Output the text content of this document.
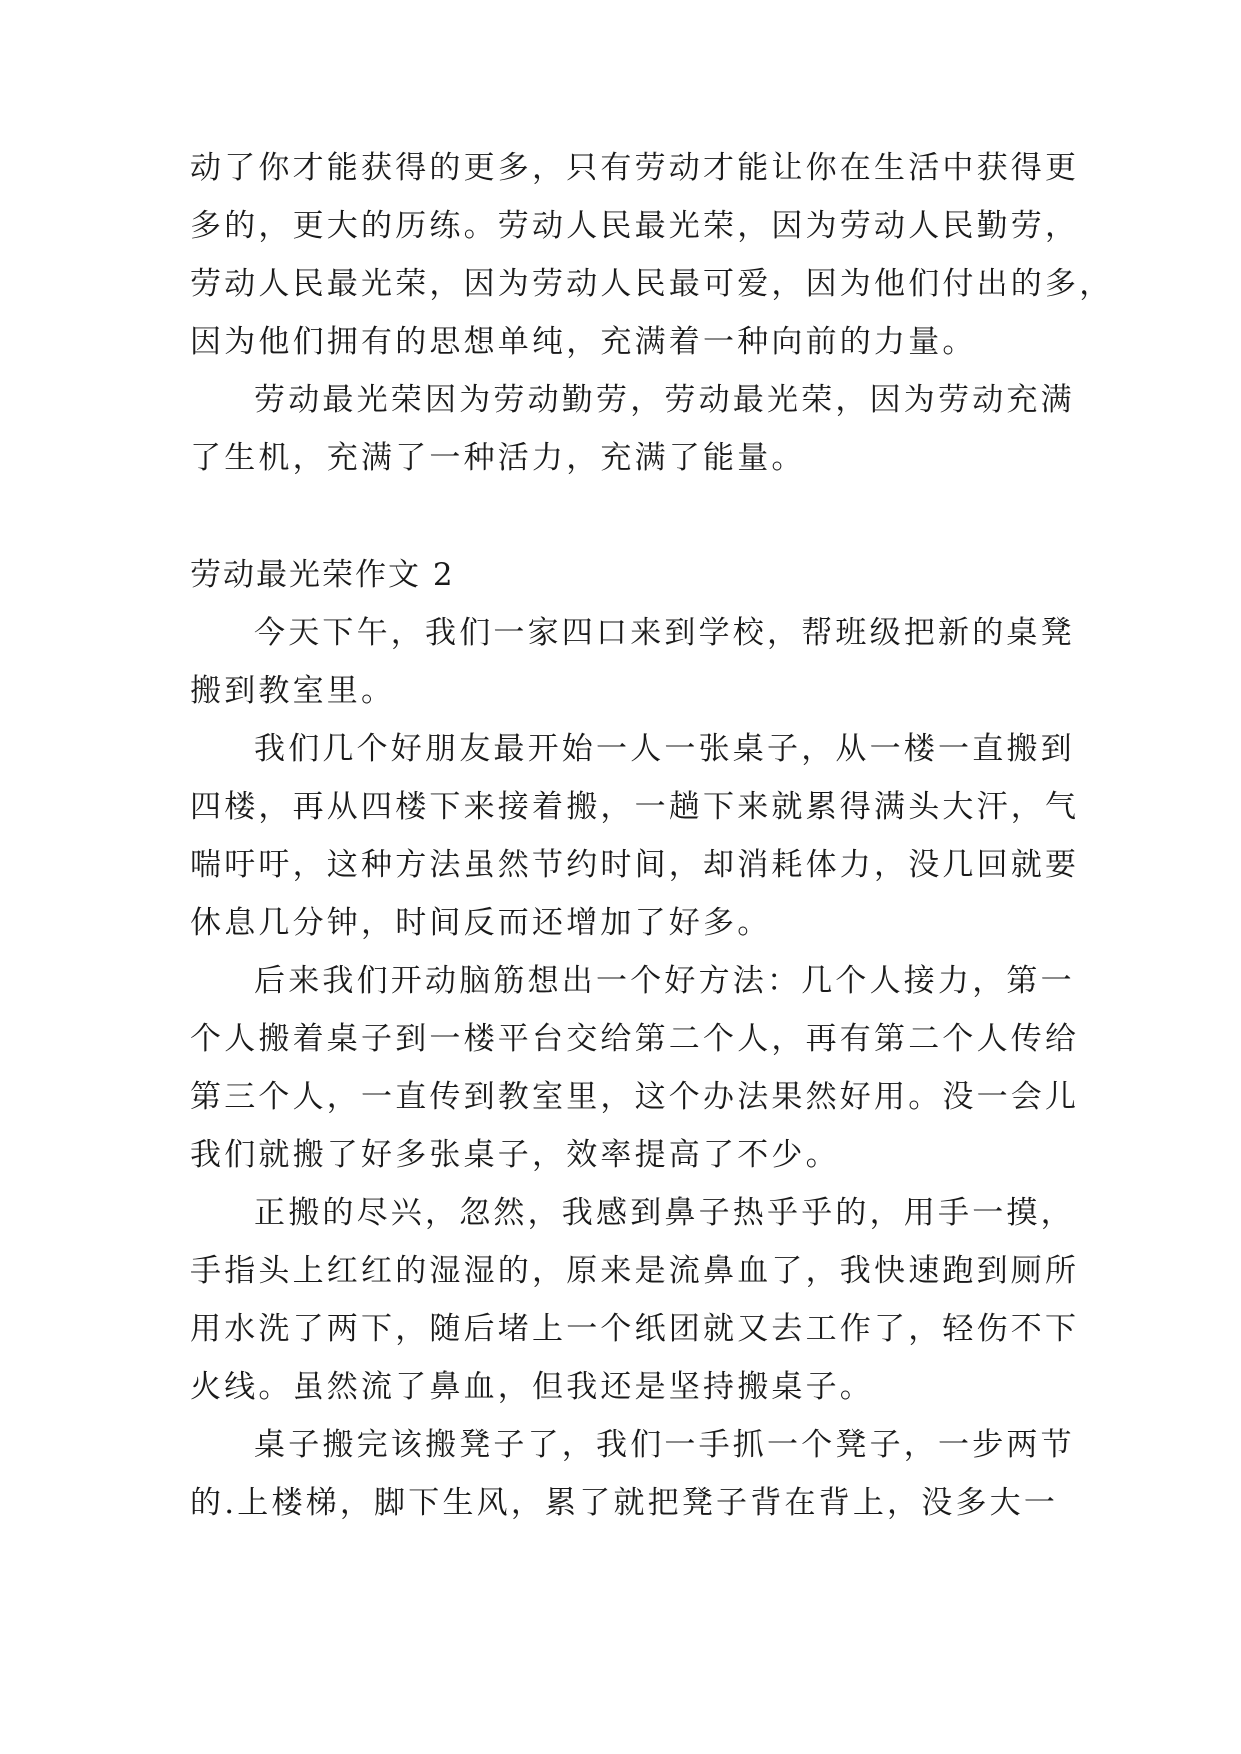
动了你才能获得的更多，只有劳动才能让你在生活中获得更
多的，更大的历练。劳动人民最光荣，因为劳动人民勤劳，
劳动人民最光荣，因为劳动人民最可爱，因为他们付出的多，
因为他们拥有的思想单纯，充满着一种向前的力量。
劳动最光荣因为劳动勤劳，劳动最光荣，因为劳动充满
了生机，充满了一种活力，充满了能量。
劳动最光荣作文 2
今天下午，我们一家四口来到学校，帮班级把新的桌凳
搬到教室里。
我们几个好朋友最开始一人一张桌子，从一楼一直搬到
四楼，再从四楼下来接着搬，一趟下来就累得满头大汗，气
喘吁吁，这种方法虽然节约时间，却消耗体力，没几回就要
休息几分钟，时间反而还增加了好多。
后来我们开动脑筋想出一个好方法：几个人接力，第一
个人搬着桌子到一楼平台交给第二个人，再有第二个人传给
第三个人，一直传到教室里，这个办法果然好用。没一会儿
我们就搬了好多张桌子，效率提高了不少。
正搬的尽兴，忽然，我感到鼻子热乎乎的，用手一摸，
手指头上红红的湿湿的，原来是流鼻血了，我快速跑到厕所
用水洗了两下，随后堵上一个纸团就又去工作了，轻伤不下
火线。虽然流了鼻血，但我还是坚持搬桌子。
桌子搬完该搬凳子了，我们一手抓一个凳子，一步两节
的.上楼梯，脚下生风，累了就把凳子背在背上，没多大一
